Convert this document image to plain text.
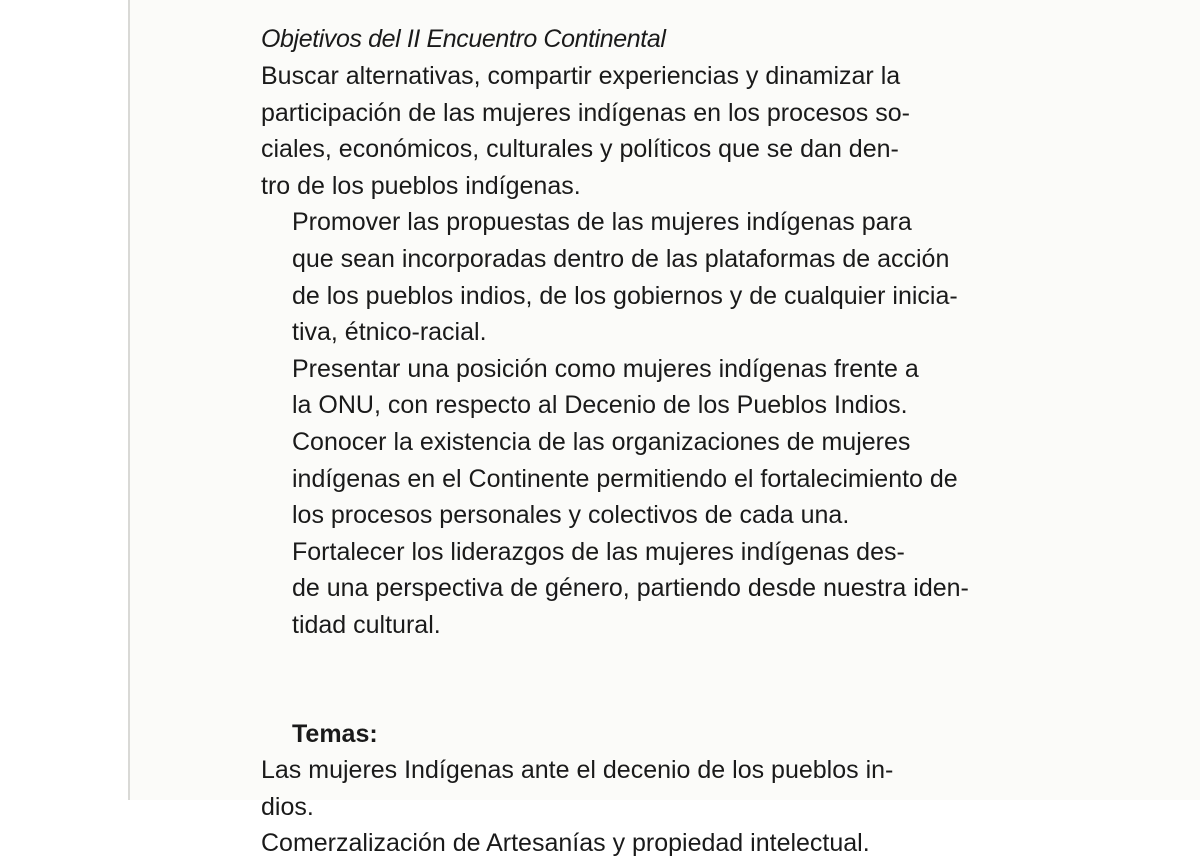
Objetivos del II Encuentro Continental

Buscar alternativas, compartir experiencias y dinamizar la
participación de las mujeres indígenas en los procesos so-
ciales, económicos, culturales y políticos que se dan den-
tro de los pueblos indígenas.

Promover las propuestas de las mujeres indígenas para
que sean incorporadas dentro de las plataformas de acción
de los pueblos indios, de los gobiernos y de cualquier inicia-
tiva, étnico-racial.

Presentar una posición como mujeres indígenas frente a
la ONU, con respecto al Decenio de los Pueblos Indios.

Conocer la existencia de las organizaciones de mujeres
indígenas en el Continente permitiendo el fortalecimiento de
los procesos personales y colectivos de cada una.

Fortalecer los liderazgos de las mujeres indígenas des-
de una perspectiva de género, partiendo desde nuestra iden-
tidad cultural.

Temas:

Las mujeres Indígenas ante el decenio de los pueblos in-
dios.

Comerzalización de Artesanías y propiedad intelectual.
